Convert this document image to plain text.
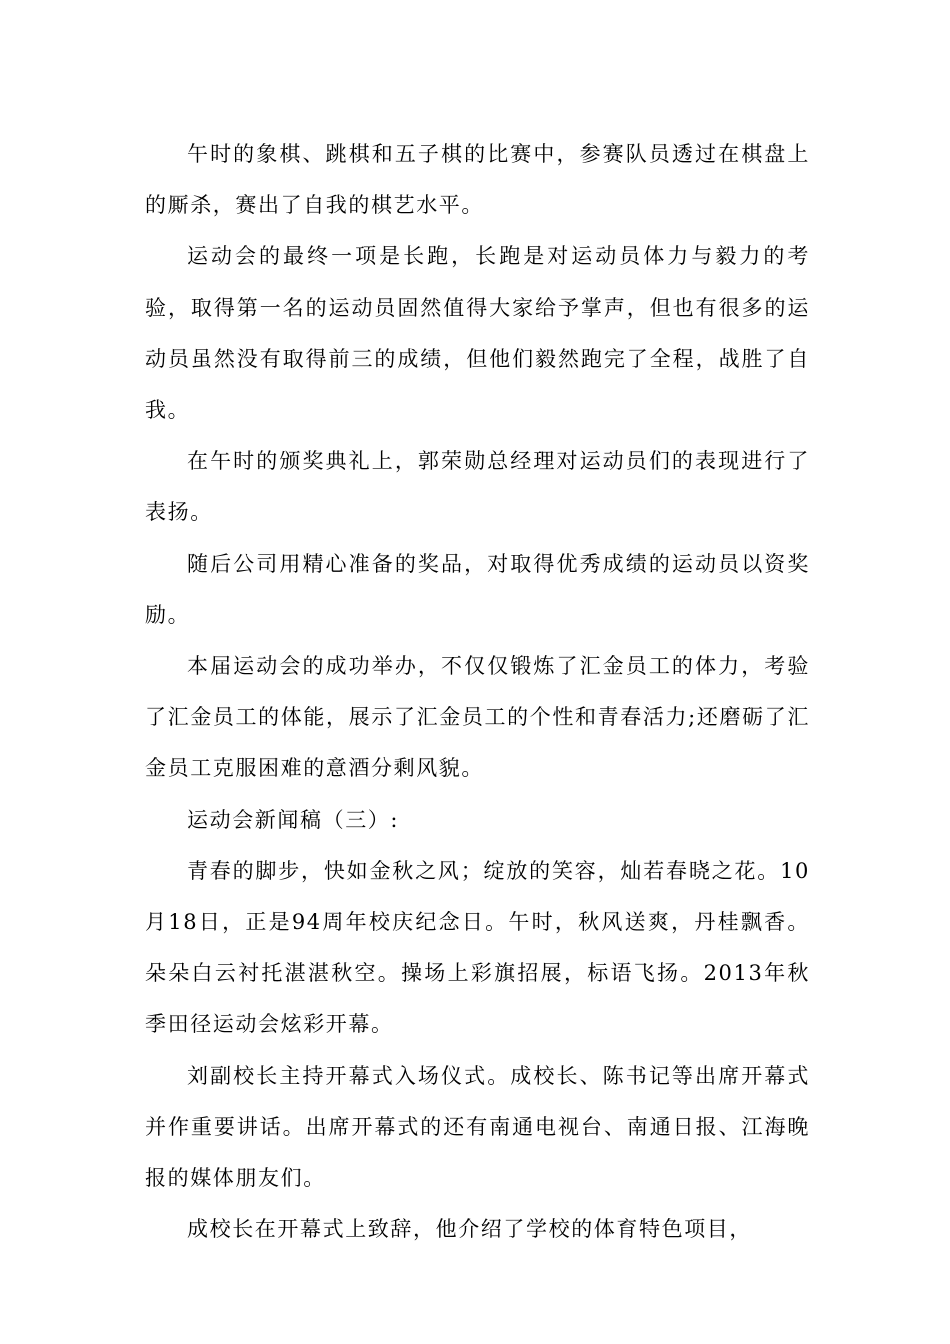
午时的象棋、跳棋和五子棋的比赛中，参赛队员透过在棋盘上的厮杀，赛出了自我的棋艺水平。

运动会的最终一项是长跑，长跑是对运动员体力与毅力的考验，取得第一名的运动员固然值得大家给予掌声，但也有很多的运动员虽然没有取得前三的成绩，但他们毅然跑完了全程，战胜了自我。

在午时的颁奖典礼上，郭荣勋总经理对运动员们的表现进行了表扬。

随后公司用精心准备的奖品，对取得优秀成绩的运动员以资奖励。

本届运动会的成功举办，不仅仅锻炼了汇金员工的体力，考验了汇金员工的体能，展示了汇金员工的个性和青春活力;还磨砺了汇金员工克服困难的意酒分剩风貌。

运动会新闻稿（三）:

青春的脚步，快如金秋之风；绽放的笑容，灿若春晓之花。10月18日，正是94周年校庆纪念日。午时，秋风送爽，丹桂飘香。朵朵白云衬托湛湛秋空。操场上彩旗招展，标语飞扬。2013年秋季田径运动会炫彩开幕。

刘副校长主持开幕式入场仪式。成校长、陈书记等出席开幕式并作重要讲话。出席开幕式的还有南通电视台、南通日报、江海晚报的媒体朋友们。

成校长在开幕式上致辞，他介绍了学校的体育特色项目，
